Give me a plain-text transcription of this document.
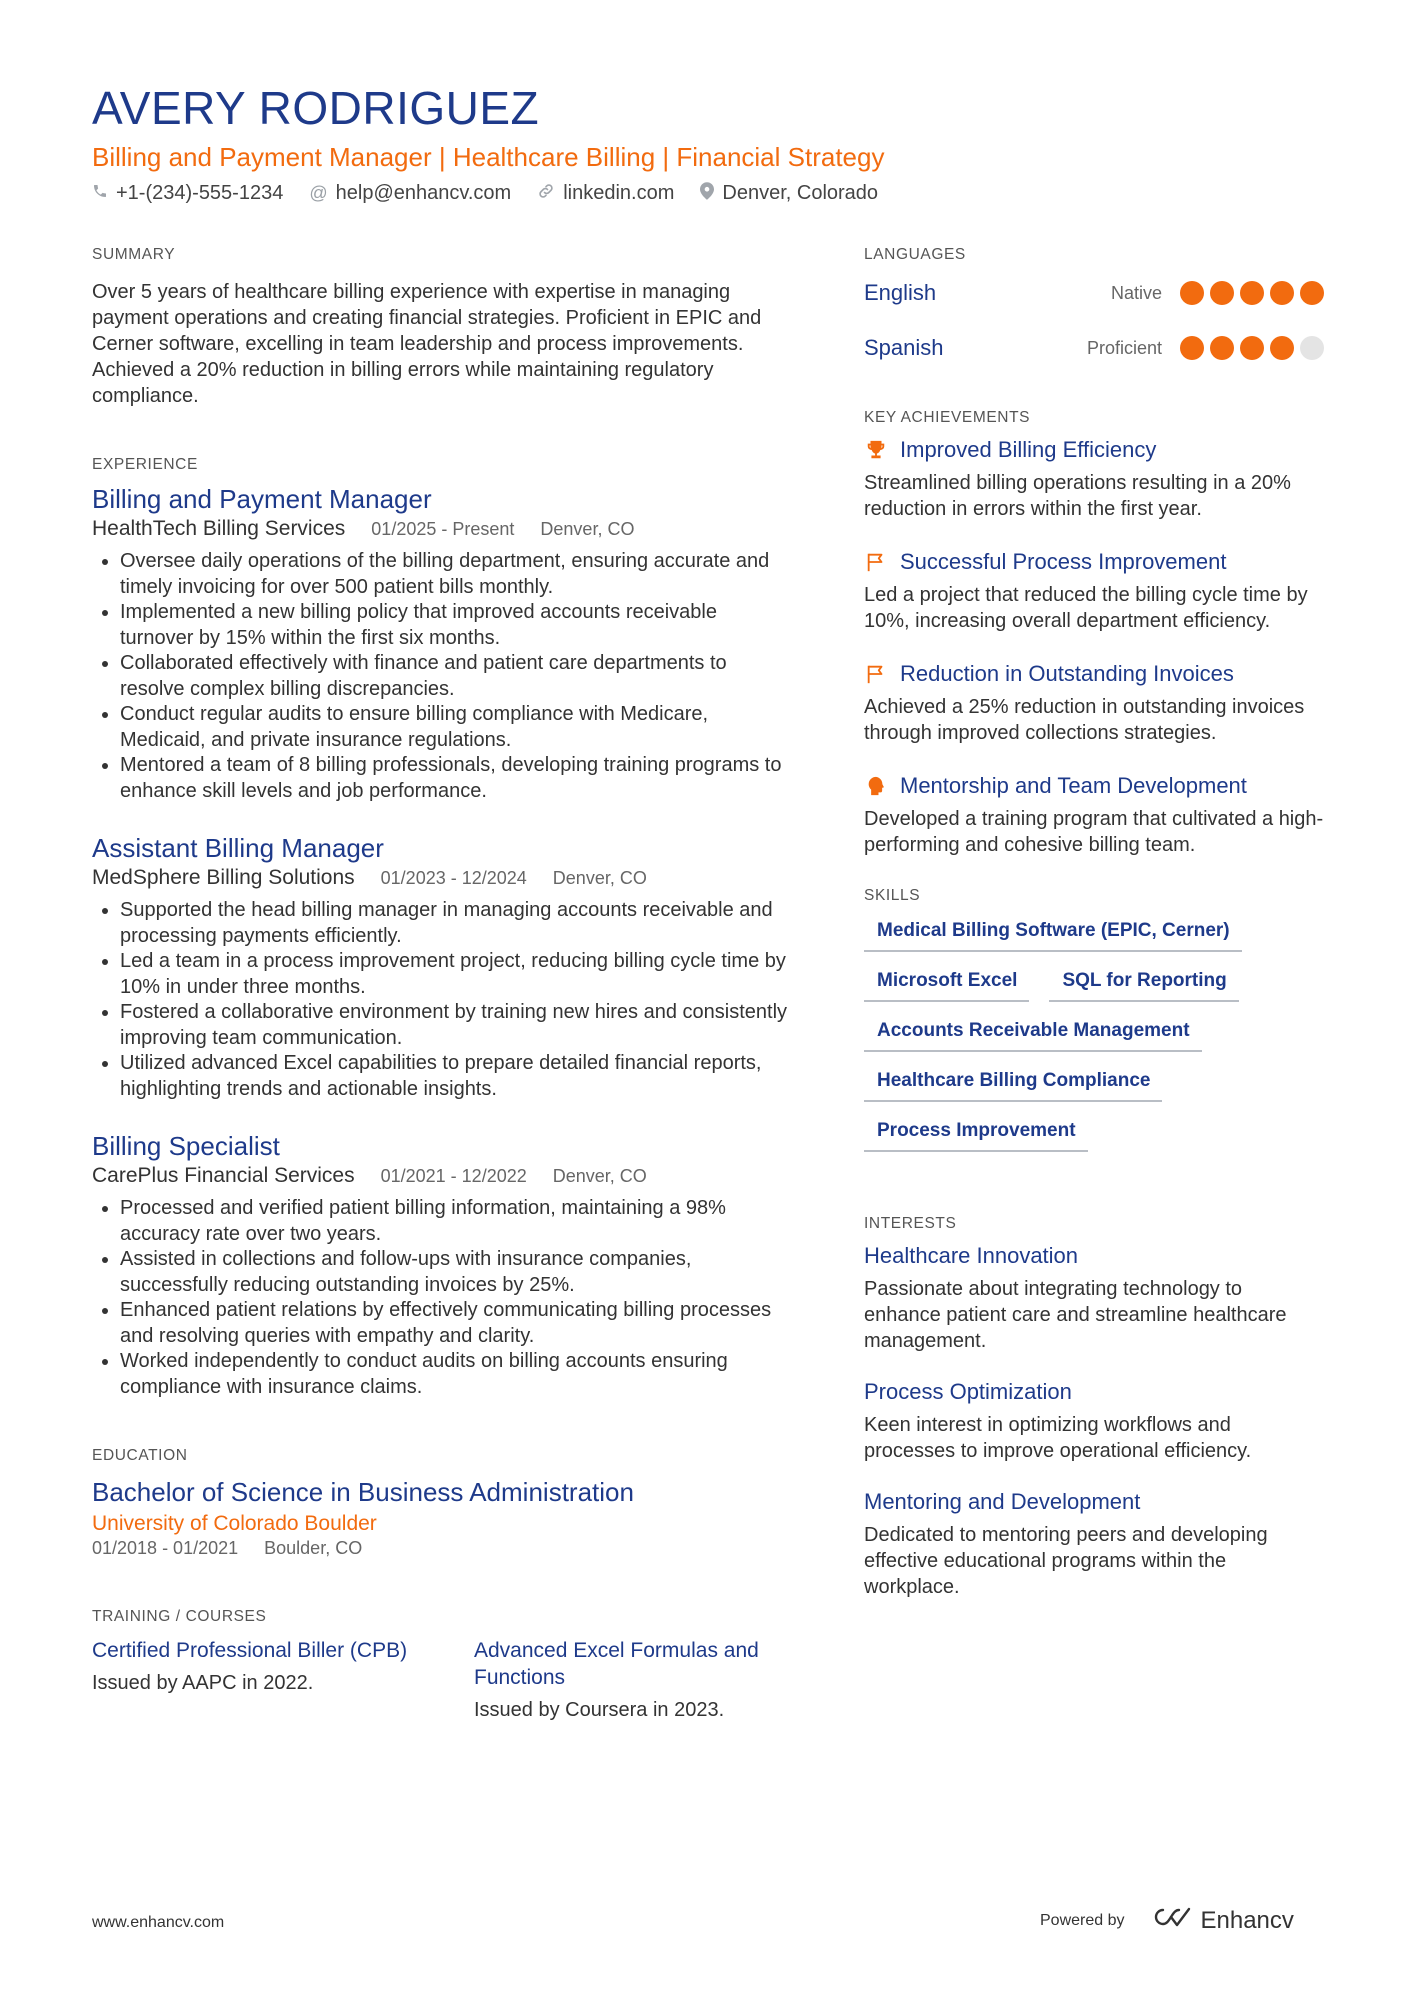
AVERY RODRIGUEZ
Billing and Payment Manager | Healthcare Billing | Financial Strategy
+1-(234)-555-1234 @ help@enhancv.com	linkedin.com Denver, Colorado
SUMMARY
Over 5 years of healthcare billing experience with expertise in managing payment operations and creating financial strategies. Proficient in EPIC and Cerner software, excelling in team leadership and process improvements. Achieved a 20% reduction in billing errors while maintaining regulatory compliance.
EXPERIENCE
Billing and Payment Manager
HealthTech Billing Services 01/2025 - Present Denver, CO
• Oversee daily operations of the billing department, ensuring accurate and timely invoicing for over 500 patient bills monthly.
• Implemented a new billing policy that improved accounts receivable turnover by 15% within the first six months.
• Collaborated effectively with finance and patient care departments to resolve complex billing discrepancies.
• Conduct regular audits to ensure billing compliance with Medicare, Medicaid, and private insurance regulations.
• Mentored a team of 8 billing professionals, developing training programs to enhance skill levels and job performance.
Assistant Billing Manager
MedSphere Billing Solutions 01/2023 - 12/2024 Denver, CO
• Supported the head billing manager in managing accounts receivable and processing payments efficiently.
• Led a team in a process improvement project, reducing billing cycle time by 10% in under three months.
• Fostered a collaborative environment by training new hires and consistently improving team communication.
• Utilized advanced Excel capabilities to prepare detailed financial reports, highlighting trends and actionable insights.
Billing Specialist
CarePlus Financial Services 01/2021 - 12/2022 Denver, CO
• Processed and verified patient billing information, maintaining a 98% accuracy rate over two years.
• Assisted in collections and follow-ups with insurance companies, successfully reducing outstanding invoices by 25%.
• Enhanced patient relations by effectively communicating billing processes and resolving queries with empathy and clarity.
• Worked independently to conduct audits on billing accounts ensuring compliance with insurance claims.
EDUCATION
Bachelor of Science in Business Administration
University of Colorado Boulder
01/2018 - 01/2021 Boulder, CO
TRAINING / COURSES
Certified Professional Biller (CPB)
Issued by AAPC in 2022.
Advanced Excel Formulas and Functions
Issued by Coursera in 2023.
LANGUAGES
English	Native
Spanish	Proficient
KEY ACHIEVEMENTS
Improved Billing Efficiency
Streamlined billing operations resulting in a 20% reduction in errors within the first year.
Successful Process Improvement
Led a project that reduced the billing cycle time by 10%, increasing overall department efficiency.
Reduction in Outstanding Invoices
Achieved a 25% reduction in outstanding invoices through improved collections strategies.
Mentorship and Team Development
Developed a training program that cultivated a high-performing and cohesive billing team.
SKILLS
Medical Billing Software (EPIC, Cerner)
Microsoft Excel	SQL for Reporting
Accounts Receivable Management
Healthcare Billing Compliance
Process Improvement
INTERESTS
Healthcare Innovation
Passionate about integrating technology to enhance patient care and streamline healthcare management.
Process Optimization
Keen interest in optimizing workflows and processes to improve operational efficiency.
Mentoring and Development
Dedicated to mentoring peers and developing effective educational programs within the workplace.
www.enhancv.com	Powered by	Enhancv
